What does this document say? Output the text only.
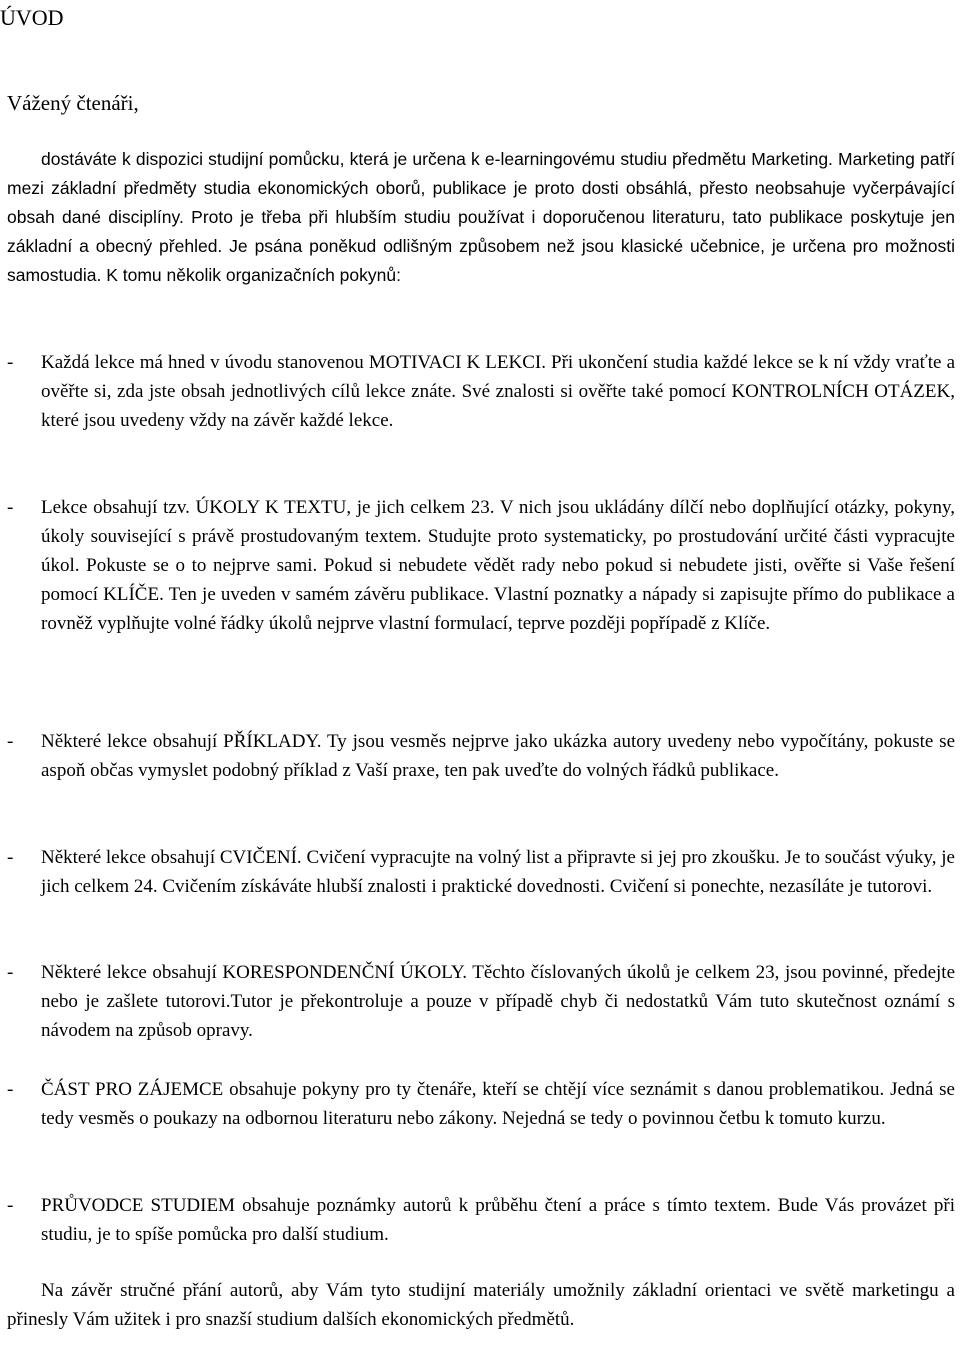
ÚVOD
Vážený čtenáři,

dostáváte k dispozici studijní pomůcku, která je určena k e-learningovému studiu předmětu Marketing. Marketing patří mezi základní předměty studia ekonomických oborů, publikace je proto dosti obsáhlá, přesto neobsahuje vyčerpávající obsah dané disciplíny. Proto je třeba při hlubším studiu používat i doporučenou literaturu, tato publikace poskytuje jen základní a obecný přehled. Je psána poněkud odlišným způsobem než jsou klasické učebnice, je určena pro možnosti samostudia. K tomu několik organizačních pokynů:

- Každá lekce má hned v úvodu stanovenou MOTIVACI K LEKCI. Při ukončení studia každé lekce se k ní vždy vraťte a ověřte si, zda jste obsah jednotlivých cílů lekce znáte. Své znalosti si ověřte také pomocí KONTROLNÍCH OTÁZEK, které jsou uvedeny vždy na závěr každé lekce.
- Lekce obsahují tzv. ÚKOLY K TEXTU, je jich celkem 23. V nich jsou ukládány dílčí nebo doplňující otázky, pokyny, úkoly související s právě prostudovaným textem. Studujte proto systematicky, po prostudování určité části vypracujte úkol. Pokuste se o to nejprve sami. Pokud si nebudete vědět rady nebo pokud si nebudete jisti, ověřte si Vaše řešení pomocí KLÍČE. Ten je uveden v samém závěru publikace. Vlastní poznatky a nápady si zapisujte přímo do publikace a rovněž vyplňujte volné řádky úkolů nejprve vlastní formulací, teprve později popřípadě z Klíče.
- Některé lekce obsahují PŘÍKLADY. Ty jsou vesměs nejprve jako ukázka autory uvedeny nebo vypočítány, pokuste se aspoň občas vymyslet podobný příklad z Vaší praxe, ten pak uveďte do volných řádků publikace.
- Některé lekce obsahují CVIČENÍ. Cvičení vypracujte na volný list a připravte si jej pro zkoušku. Je to součást výuky, je jich celkem 24. Cvičením získáváte hlubší znalosti i praktické dovednosti. Cvičení si ponechte, nezasíláte je tutorovi.
- Některé lekce obsahují KORESPONDENČNÍ ÚKOLY. Těchto číslovaných úkolů je celkem 23, jsou povinné, předejte nebo je zašlete tutorovi.Tutor je překontroluje a pouze v případě chyb či nedostatků Vám tuto skutečnost oznámí s návodem na způsob opravy.
- ČÁST PRO ZÁJEMCE obsahuje pokyny pro ty čtenáře, kteří se chtějí více seznámit s danou problematikou. Jedná se tedy vesměs o poukazy na odbornou literaturu nebo zákony. Nejedná se tedy o povinnou četbu k tomuto kurzu.
- PRŮVODCE STUDIEM obsahuje poznámky autorů k průběhu čtení a práce s tímto textem. Bude Vás provázet při studiu, je to spíše pomůcka pro další studium.

Na závěr stručné přání autorů, aby Vám tyto studijní materiály umožnily základní orientaci ve světě marketingu a přinesly Vám užitek i pro snazší studium dalších ekonomických předmětů.
